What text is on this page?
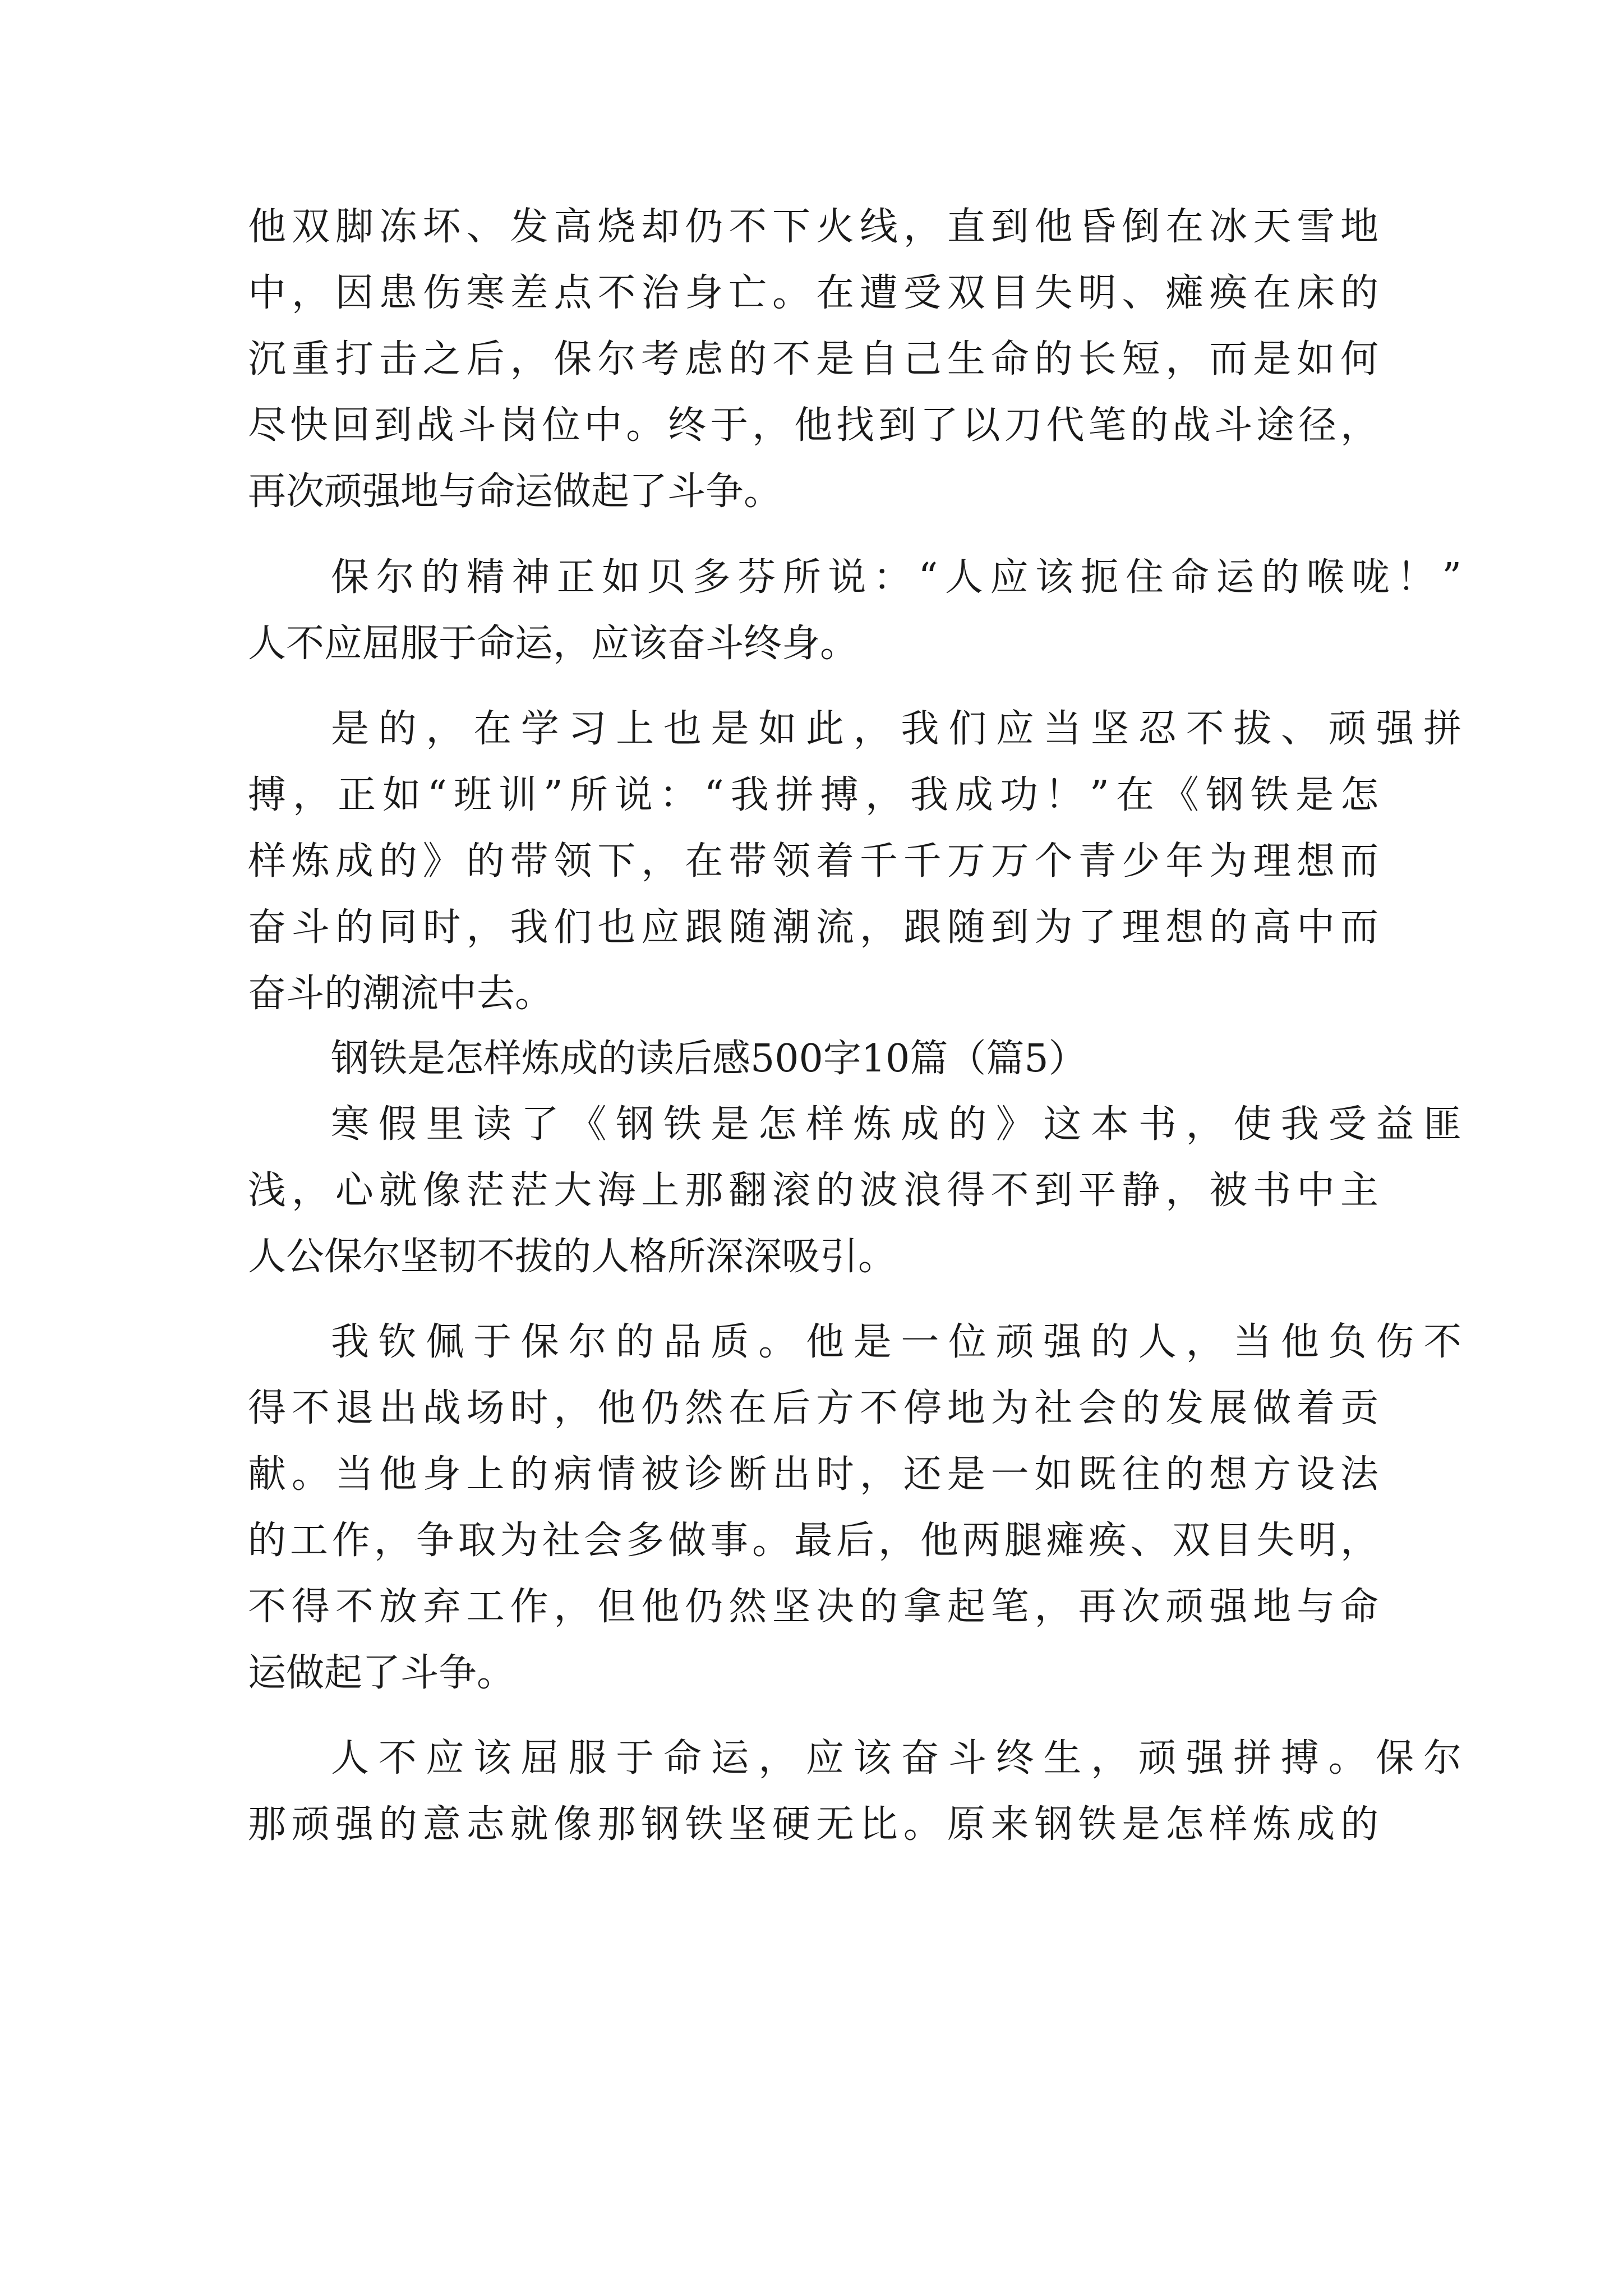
他双脚冻坏、发高烧却仍不下火线，直到他昏倒在冰天雪地
中，因患伤寒差点不治身亡。在遭受双目失明、瘫痪在床的
沉重打击之后，保尔考虑的不是自己生命的长短，而是如何
尽快回到战斗岗位中。终于，他找到了以刀代笔的战斗途径，
再次顽强地与命运做起了斗争。
保尔的精神正如贝多芬所说：“人应该扼住命运的喉咙！”
人不应屈服于命运，应该奋斗终身。
是的，在学习上也是如此，我们应当坚忍不拔、顽强拼
搏，正如“班训”所说：“我拼搏，我成功！”在《钢铁是怎
样炼成的》的带领下，在带领着千千万万个青少年为理想而
奋斗的同时，我们也应跟随潮流，跟随到为了理想的高中而
奋斗的潮流中去。
钢铁是怎样炼成的读后感500字10篇（篇5）
寒假里读了《钢铁是怎样炼成的》这本书，使我受益匪
浅，心就像茫茫大海上那翻滚的波浪得不到平静，被书中主
人公保尔坚韧不拔的人格所深深吸引。
我钦佩于保尔的品质。他是一位顽强的人，当他负伤不
得不退出战场时，他仍然在后方不停地为社会的发展做着贡
献。当他身上的病情被诊断出时，还是一如既往的想方设法
的工作，争取为社会多做事。最后，他两腿瘫痪、双目失明，
不得不放弃工作，但他仍然坚决的拿起笔，再次顽强地与命
运做起了斗争。
人不应该屈服于命运，应该奋斗终生，顽强拼搏。保尔
那顽强的意志就像那钢铁坚硬无比。原来钢铁是怎样炼成的
